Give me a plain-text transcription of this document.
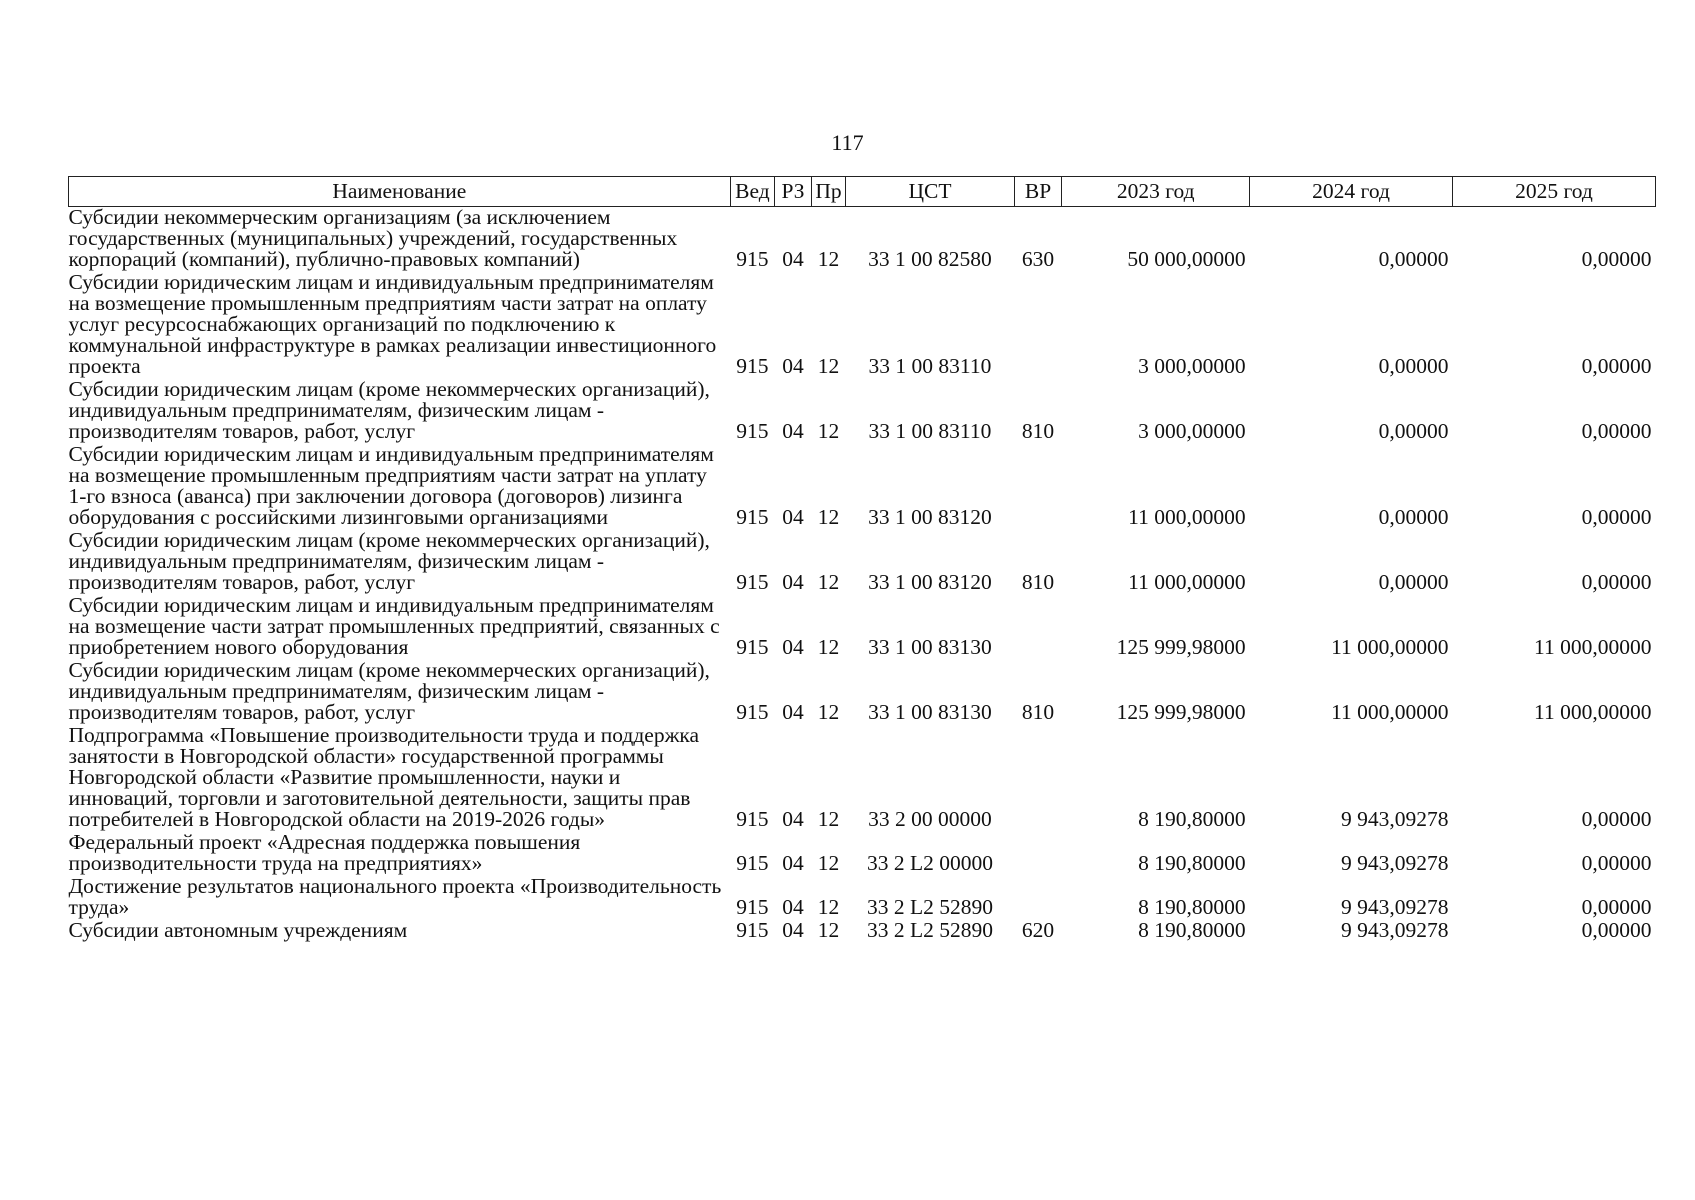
117
Наименование	Вед	РЗ	Пр	ЦСТ	ВР	2023 год	2024 год	2025 год
Субсидии некоммерческим организациям (за исключением государственных (муниципальных) учреждений, государственных корпораций (компаний), публично-правовых компаний)	915	04	12	33 1 00 82580	630	50 000,00000	0,00000	0,00000
Субсидии юридическим лицам и индивидуальным предпринимателям на возмещение промышленным предприятиям части затрат на оплату услуг ресурсоснабжающих организаций по подключению к коммунальной инфраструктуре в рамках реализации инвестиционного проекта	915	04	12	33 1 00 83110		3 000,00000	0,00000	0,00000
Субсидии юридическим лицам (кроме некоммерческих организаций), индивидуальным предпринимателям, физическим лицам - производителям товаров, работ, услуг	915	04	12	33 1 00 83110	810	3 000,00000	0,00000	0,00000
Субсидии юридическим лицам и индивидуальным предпринимателям на возмещение промышленным предприятиям части затрат на уплату 1-го взноса (аванса) при заключении договора (договоров) лизинга оборудования с российскими лизинговыми организациями	915	04	12	33 1 00 83120		11 000,00000	0,00000	0,00000
Субсидии юридическим лицам (кроме некоммерческих организаций), индивидуальным предпринимателям, физическим лицам - производителям товаров, работ, услуг	915	04	12	33 1 00 83120	810	11 000,00000	0,00000	0,00000
Субсидии юридическим лицам и индивидуальным предпринимателям на возмещение части затрат промышленных предприятий, связанных с приобретением нового оборудования	915	04	12	33 1 00 83130		125 999,98000	11 000,00000	11 000,00000
Субсидии юридическим лицам (кроме некоммерческих организаций), индивидуальным предпринимателям, физическим лицам - производителям товаров, работ, услуг	915	04	12	33 1 00 83130	810	125 999,98000	11 000,00000	11 000,00000
Подпрограмма «Повышение производительности труда и поддержка занятости в Новгородской области» государственной программы Новгородской области «Развитие промышленности, науки и инноваций, торговли и заготовительной деятельности, защиты прав потребителей в Новгородской области на 2019-2026 годы»	915	04	12	33 2 00 00000		8 190,80000	9 943,09278	0,00000
Федеральный проект «Адресная поддержка повышения производительности труда на предприятиях»	915	04	12	33 2 L2 00000		8 190,80000	9 943,09278	0,00000
Достижение результатов национального проекта «Производительность труда»	915	04	12	33 2 L2 52890		8 190,80000	9 943,09278	0,00000
Субсидии автономным учреждениям	915	04	12	33 2 L2 52890	620	8 190,80000	9 943,09278	0,00000
